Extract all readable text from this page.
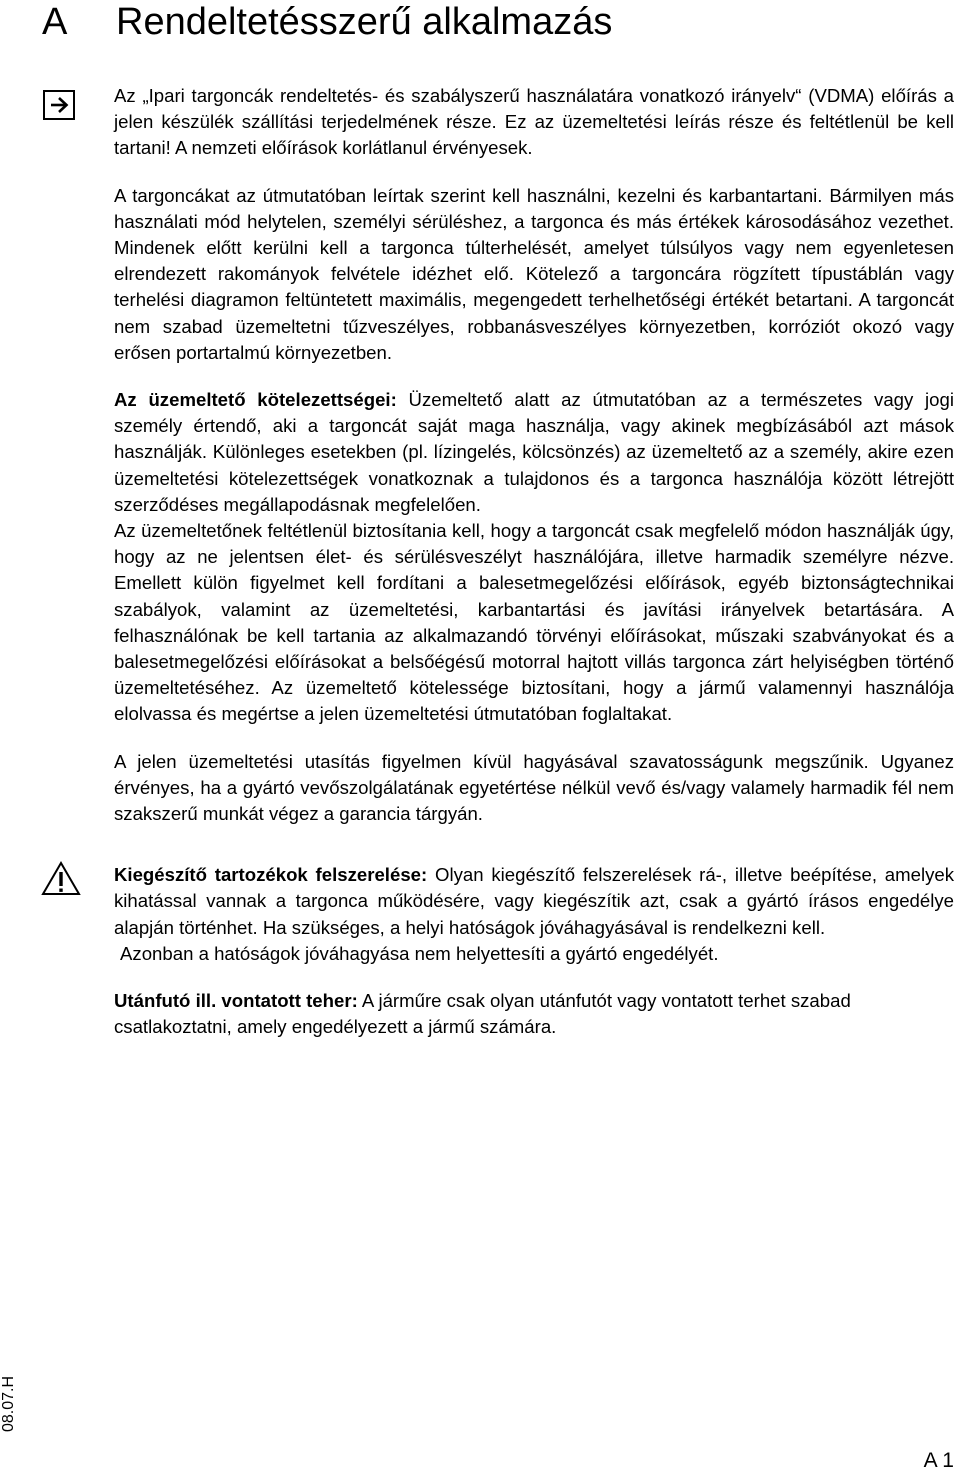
A Rendeltetésszerű alkalmazás

Az „Ipari targoncák rendeltetés- és szabályszerű használatára vonatkozó irányelv“ (VDMA) előírás a jelen készülék szállítási terjedelmének része. Ez az üzemeltetési leírás része és feltétlenül be kell tartani! A nemzeti előírások korlátlanul érvényesek.

A targoncákat az útmutatóban leírtak szerint kell használni, kezelni és karbantartani. Bármilyen más használati mód helytelen, személyi sérüléshez, a targonca és más értékek károsodásához vezethet. Mindenek előtt kerülni kell a targonca túlterhelését, amelyet túlsúlyos vagy nem egyenletesen elrendezett rakományok felvétele idézhet elő. Kötelező a targoncára rögzített típustáblán vagy terhelési diagramon feltüntetett maximális, megengedett terhelhetőségi értékét betartani. A targoncát nem szabad üzemeltetni tűzveszélyes, robbanásveszélyes környezetben, korróziót okozó vagy erősen portartalmú környezetben.

Az üzemeltető kötelezettségei: Üzemeltető alatt az útmutatóban az a természetes vagy jogi személy értendő, aki a targoncát saját maga használja, vagy akinek megbízásából azt mások használják. Különleges esetekben (pl. lízingelés, kölcsönzés) az üzemeltető az a személy, akire ezen üzemeltetési kötelezettségek vonatkoznak a tulajdonos és a targonca használója között létrejött szerződéses megállapodásnak megfelelően.

Az üzemeltetőnek feltétlenül biztosítania kell, hogy a targoncát csak megfelelő módon használják úgy, hogy az ne jelentsen élet- és sérülésveszélyt használójára, illetve harmadik személyre nézve. Emellett külön figyelmet kell fordítani a balesetmegelőzési előírások, egyéb biztonságtechnikai szabályok, valamint az üzemeltetési, karbantartási és javítási irányelvek betartására. A felhasználónak be kell tartania az alkalmazandó törvényi előírásokat, műszaki szabványokat és a balesetmegelőzési előírásokat a belsőégésű motorral hajtott villás targonca zárt helyiségben történő üzemeltetéséhez. Az üzemeltető kötelessége biztosítani, hogy a jármű valamennyi használója elolvassa és megértse a jelen üzemeltetési útmutatóban foglaltakat.

A jelen üzemeltetési utasítás figyelmen kívül hagyásával szavatosságunk megszűnik. Ugyanez érvényes, ha a gyártó vevőszolgálatának egyetértése nélkül vevő és/vagy valamely harmadik fél nem szakszerű munkát végez a garancia tárgyán.

Kiegészítő tartozékok felszerelése: Olyan kiegészítő felszerelések rá-, illetve beépítése, amelyek kihatással vannak a targonca működésére, vagy kiegészítik azt, csak a gyártó írásos engedélye alapján történhet. Ha szükséges, a helyi hatóságok jóváhagyásával is rendelkezni kell.

Azonban a hatóságok jóváhagyása nem helyettesíti a gyártó engedélyét.

Utánfutó ill. vontatott teher: A járműre csak olyan utánfutót vagy vontatott terhet szabad csatlakoztatni, amely engedélyezett a jármű számára.

08.07.H
A 1
